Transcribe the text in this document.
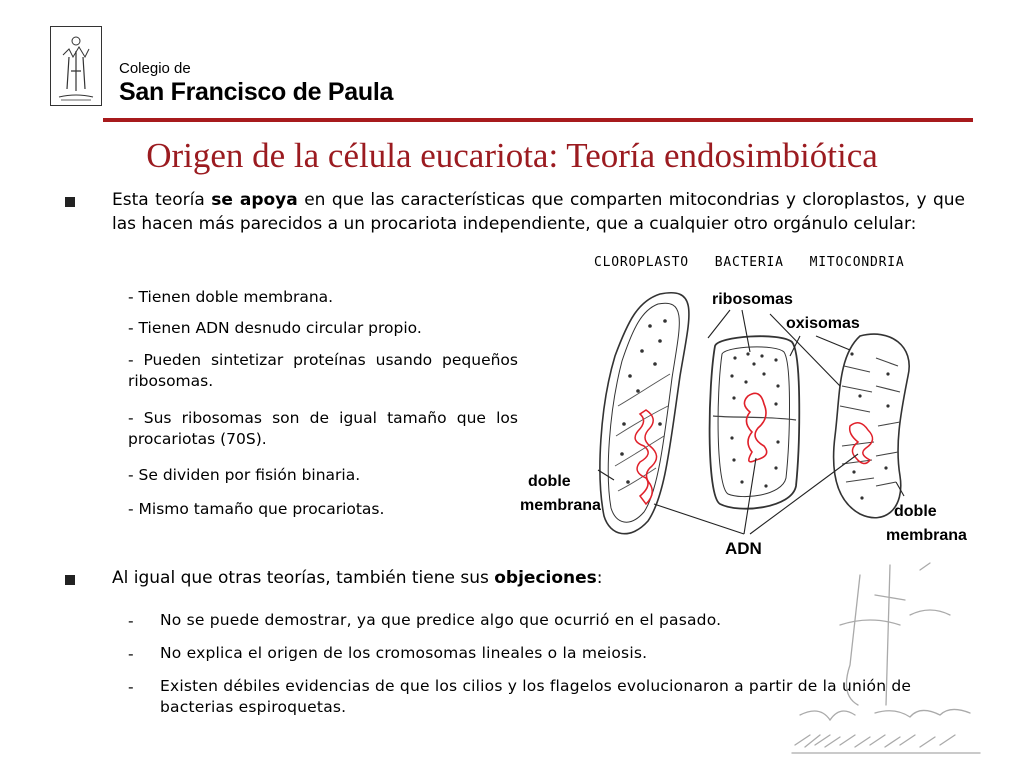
Colegio de
San Francisco de Paula
Origen de la célula eucariota: Teoría endosimbiótica

Esta teoría se apoya en que las características que comparten mitocondrias y cloroplastos, y que las hacen más parecidos a un procariota independiente, que a cualquier otro orgánulo celular:

- Tienen doble membrana.
- Tienen ADN desnudo circular propio.
- Pueden sintetizar proteínas usando pequeños ribosomas.
- Sus ribosomas son de igual tamaño que los procariotas (70S).
- Se dividen por fisión binaria.
- Mismo tamaño que procariotas.
CLOROPLASTO   BACTERIA   MITOCONDRIA
ribosomas
oxisomas
doble
membrana	doble
membrana
ADN

Al igual que otras teorías, también tiene sus objeciones:

- No se puede demostrar, ya que predice algo que ocurrió en el pasado.
- No explica el origen de los cromosomas lineales o la meiosis.
- Existen débiles evidencias de que los cilios y los flagelos evolucionaron a partir de la unión de bacterias espiroquetas.
